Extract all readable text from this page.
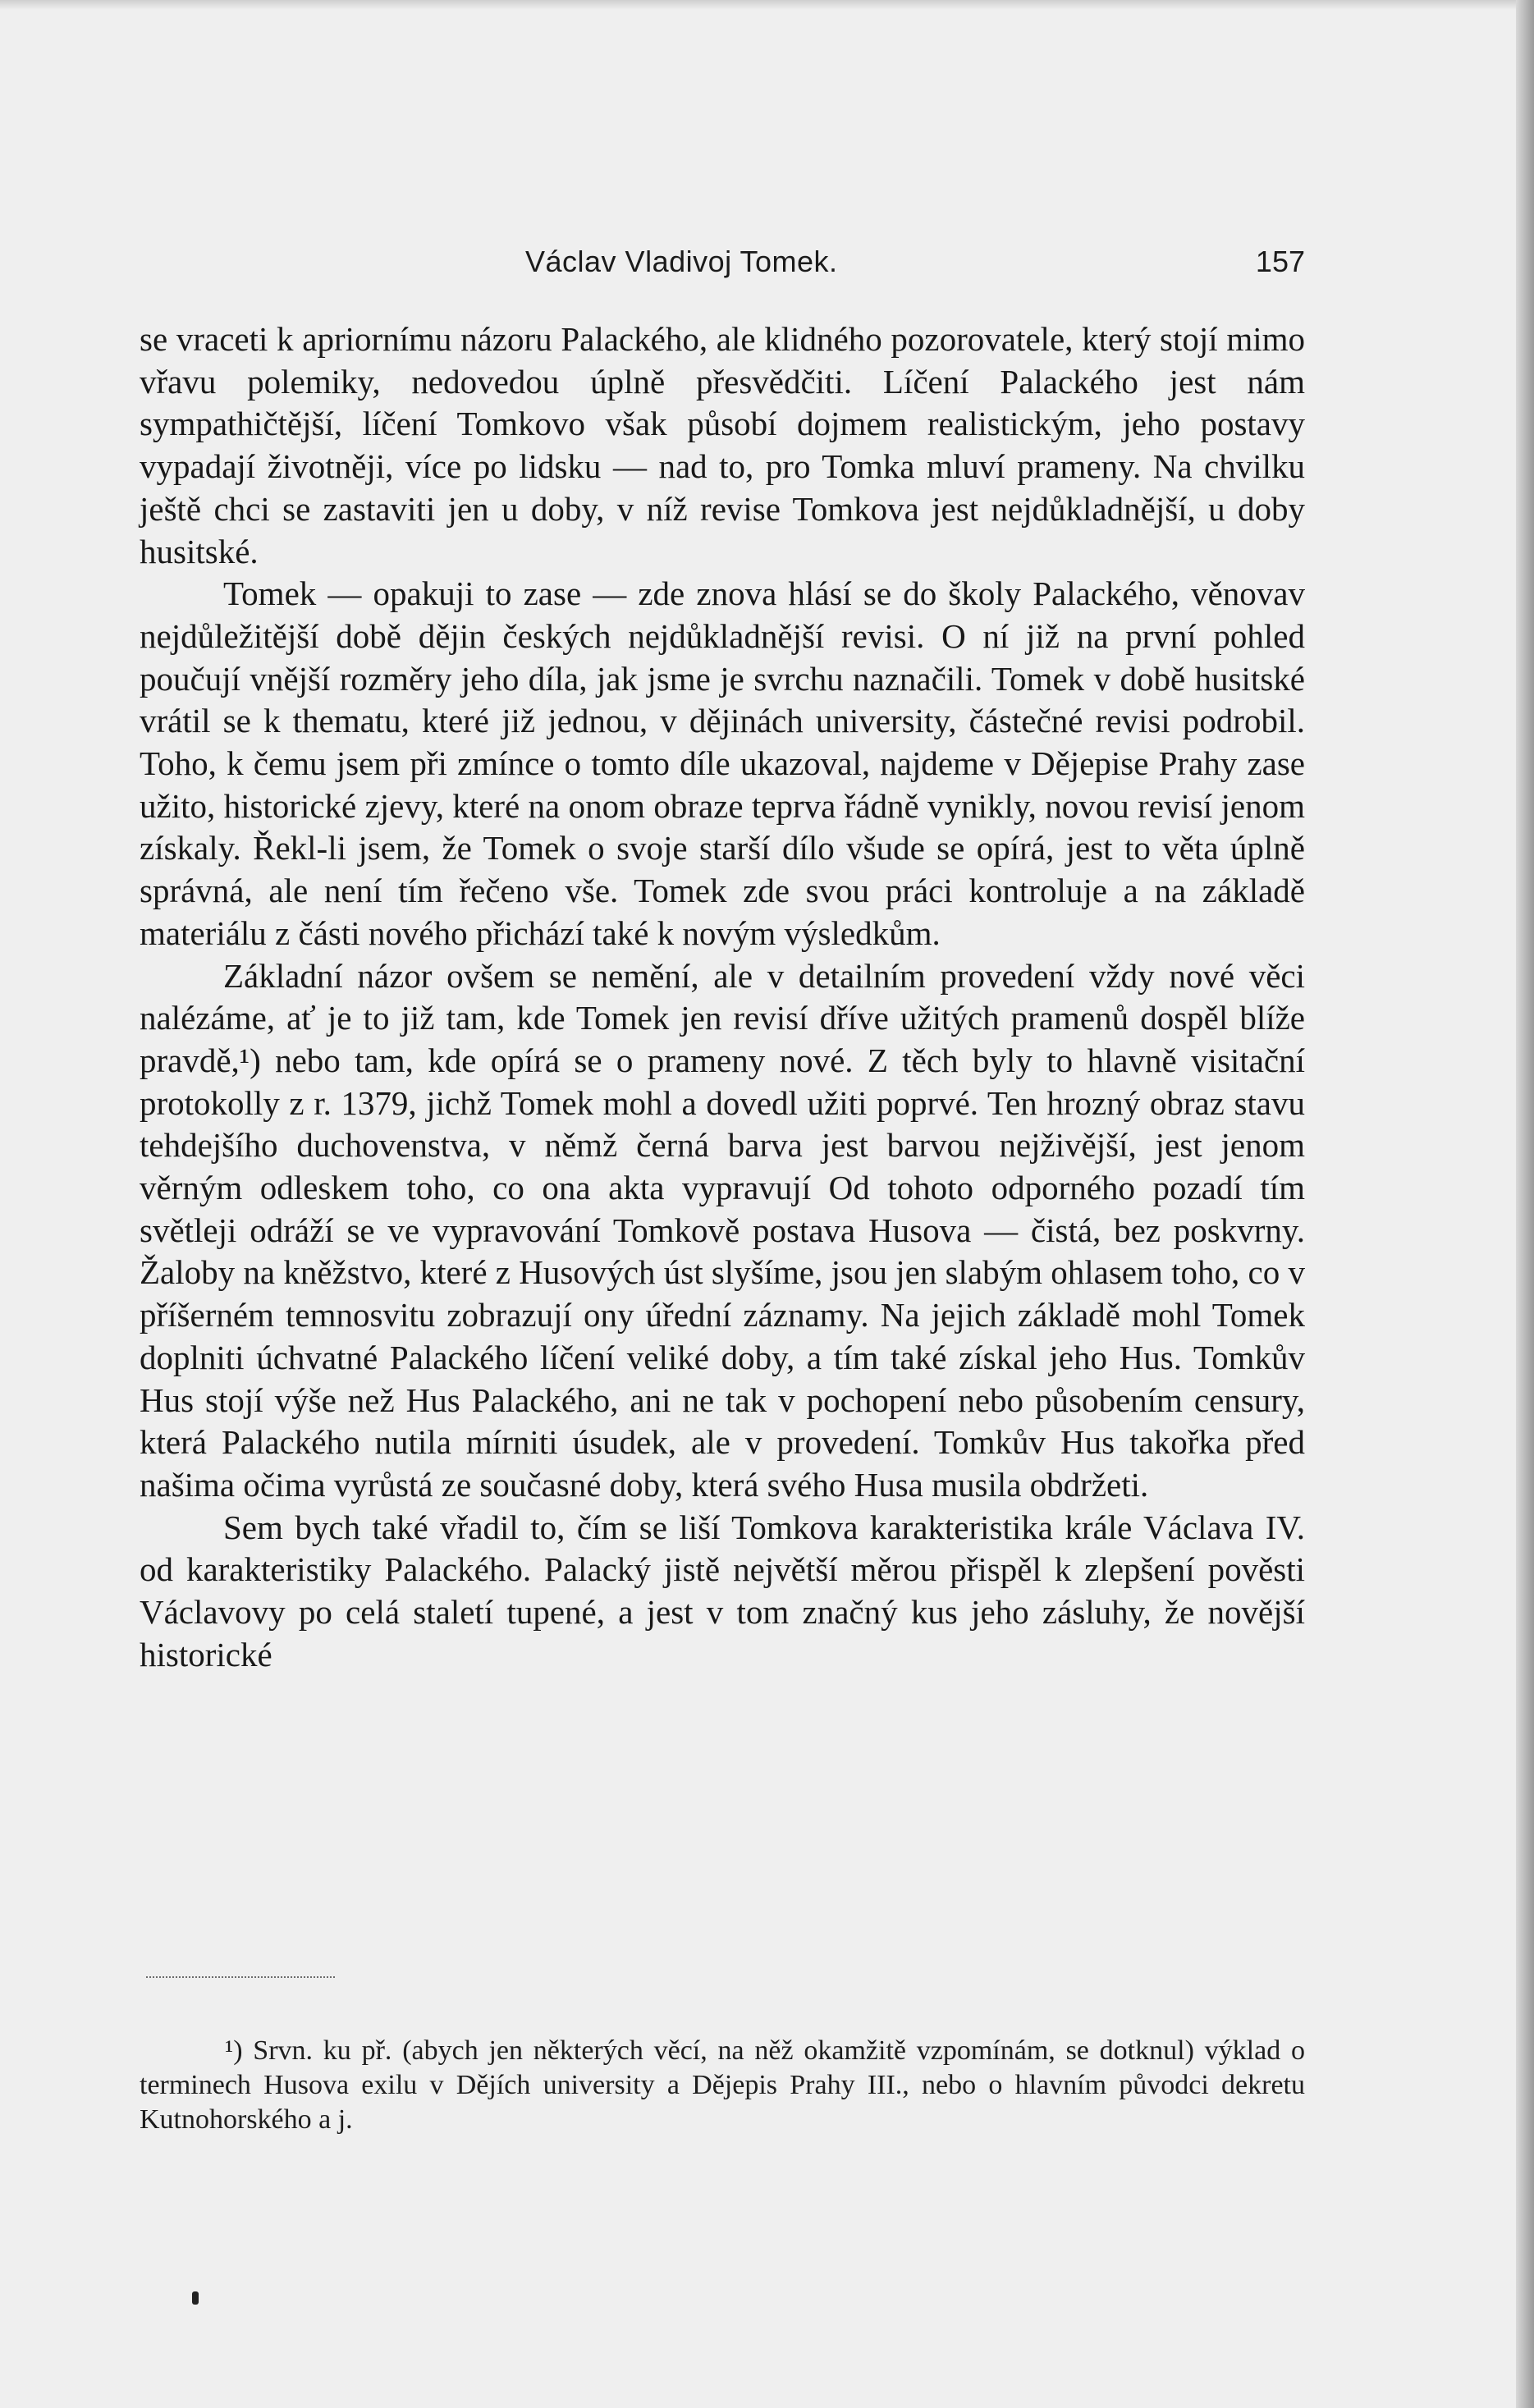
Václav Vladivoj Tomek.	157

se vraceti k apriornímu názoru Palackého, ale klidného pozorovatele, který stojí mimo vřavu polemiky, nedovedou úplně přesvědčiti. Líčení Palackého jest nám sympathičtější, líčení Tomkovo však působí dojmem realistickým, jeho postavy vypadají životněji, více po lidsku — nad to, pro Tomka mluví prameny. Na chvilku ještě chci se zastaviti jen u doby, v níž revise Tomkova jest nejdůkladnější, u doby husitské.

Tomek — opakuji to zase — zde znova hlásí se do školy Palackého, věnovav nejdůležitější době dějin českých nejdůkladnější revisi. O ní již na první pohled poučují vnější rozměry jeho díla, jak jsme je svrchu naznačili. Tomek v době husitské vrátil se k thematu, které již jednou, v dějinách university, částečné revisi podrobil. Toho, k čemu jsem při zmínce o tomto díle ukazoval, najdeme v Dějepise Prahy zase užito, historické zjevy, které na onom obraze teprva řádně vynikly, novou revisí jenom získaly. Řekl-li jsem, že Tomek o svoje starší dílo všude se opírá, jest to věta úplně správná, ale není tím řečeno vše. Tomek zde svou práci kontroluje a na základě materiálu z části nového přichází také k novým výsledkům.

Základní názor ovšem se nemění, ale v detailním provedení vždy nové věci nalézáme, ať je to již tam, kde Tomek jen revisí dříve užitých pramenů dospěl blíže pravdě,¹) nebo tam, kde opírá se o prameny nové. Z těch byly to hlavně visitační protokolly z r. 1379, jichž Tomek mohl a dovedl užiti poprvé. Ten hrozný obraz stavu tehdejšího duchovenstva, v němž černá barva jest barvou nejživější, jest jenom věrným odleskem toho, co ona akta vypravují Od tohoto odporného pozadí tím světleji odráží se ve vypravování Tomkově postava Husova — čistá, bez poskvrny. Žaloby na kněžstvo, které z Husových úst slyšíme, jsou jen slabým ohlasem toho, co v příšerném temnosvitu zobrazují ony úřední záznamy. Na jejich základě mohl Tomek doplniti úchvatné Palackého líčení veliké doby, a tím také získal jeho Hus. Tomkův Hus stojí výše než Hus Palackého, ani ne tak v pochopení nebo působením censury, která Palackého nutila mírniti úsudek, ale v provedení. Tomkův Hus takořka před našima očima vyrůstá ze současné doby, která svého Husa musila obdržeti.

Sem bych také vřadil to, čím se liší Tomkova karakteristika krále Václava IV. od karakteristiky Palackého. Palacký jistě největší měrou přispěl k zlepšení pověsti Václavovy po celá staletí tupené, a jest v tom značný kus jeho zásluhy, že novější historické

¹) Srvn. ku př. (abych jen některých věcí, na něž okamžitě vzpomínám, se dotknul) výklad o terminech Husova exilu v Dějích university a Dějepis Prahy III., nebo o hlavním původci dekretu Kutnohorského a j.
